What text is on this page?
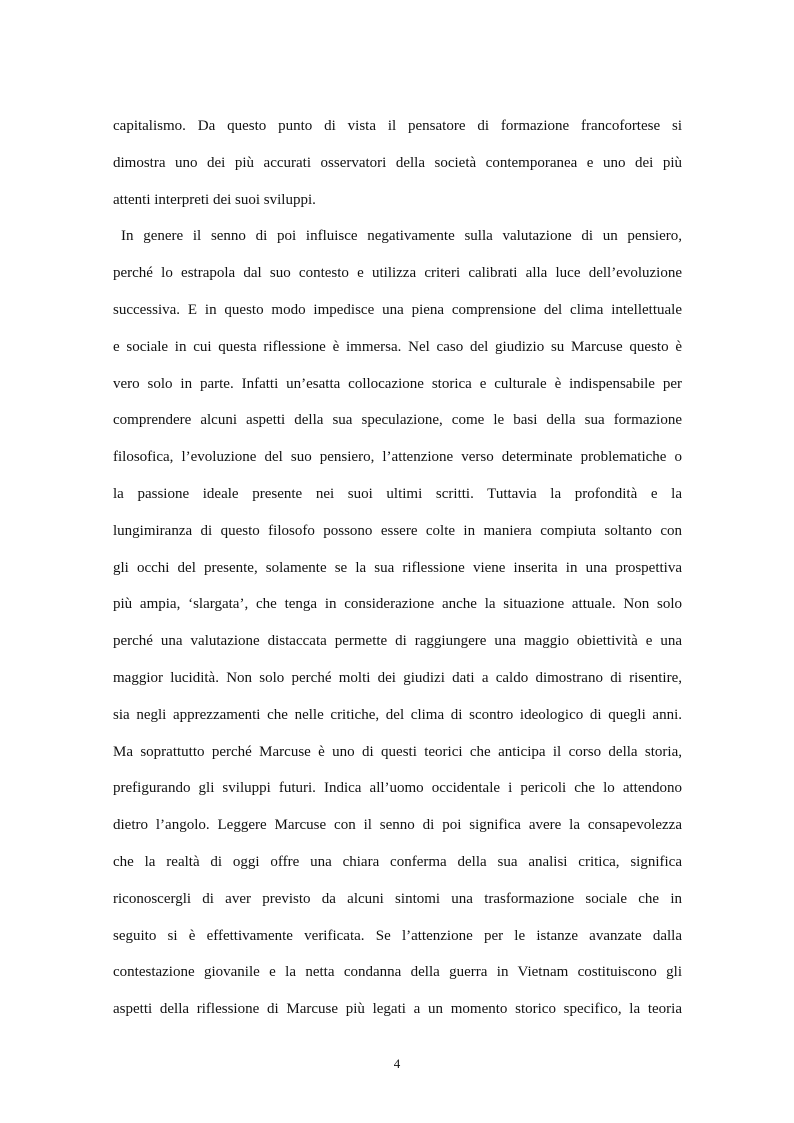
capitalismo. Da questo punto di vista il pensatore di formazione francofortese si
dimostra uno dei più accurati osservatori della società contemporanea e uno dei più
attenti interpreti dei suoi sviluppi.
In genere il senno di poi influisce negativamente sulla valutazione di un pensiero,
perché lo estrapola dal suo contesto e utilizza criteri calibrati alla luce dell’evoluzione
successiva. E in questo modo impedisce una piena comprensione del clima intellettuale
e sociale in cui questa riflessione è immersa. Nel caso del giudizio su Marcuse questo è
vero solo in parte. Infatti un’esatta collocazione storica e culturale è indispensabile per
comprendere alcuni aspetti della sua speculazione, come le basi della sua formazione
filosofica, l’evoluzione del suo pensiero, l’attenzione verso determinate problematiche o
la passione ideale presente nei suoi ultimi scritti. Tuttavia la profondità e la
lungimiranza di questo filosofo possono essere colte in maniera compiuta soltanto con
gli occhi del presente, solamente se la sua riflessione viene inserita in una prospettiva
più ampia, ‘slargata’, che tenga in considerazione anche la situazione attuale. Non solo
perché una valutazione distaccata permette di raggiungere una maggio obiettività e una
maggior lucidità. Non solo perché molti dei giudizi dati a caldo dimostrano di risentire,
sia negli apprezzamenti che nelle critiche, del clima di scontro ideologico di quegli anni.
Ma soprattutto perché Marcuse è uno di questi teorici che anticipa il corso della storia,
prefigurando gli sviluppi futuri. Indica all’uomo occidentale i pericoli che lo attendono
dietro l’angolo. Leggere Marcuse con il senno di poi significa avere la consapevolezza
che la realtà di oggi offre una chiara conferma della sua analisi critica, significa
riconoscergli di aver previsto da alcuni sintomi una trasformazione sociale che in
seguito si è effettivamente verificata. Se l’attenzione per le istanze avanzate dalla
contestazione giovanile e la netta condanna della guerra in Vietnam costituiscono gli
aspetti della riflessione di Marcuse più legati a un momento storico specifico, la teoria
4
